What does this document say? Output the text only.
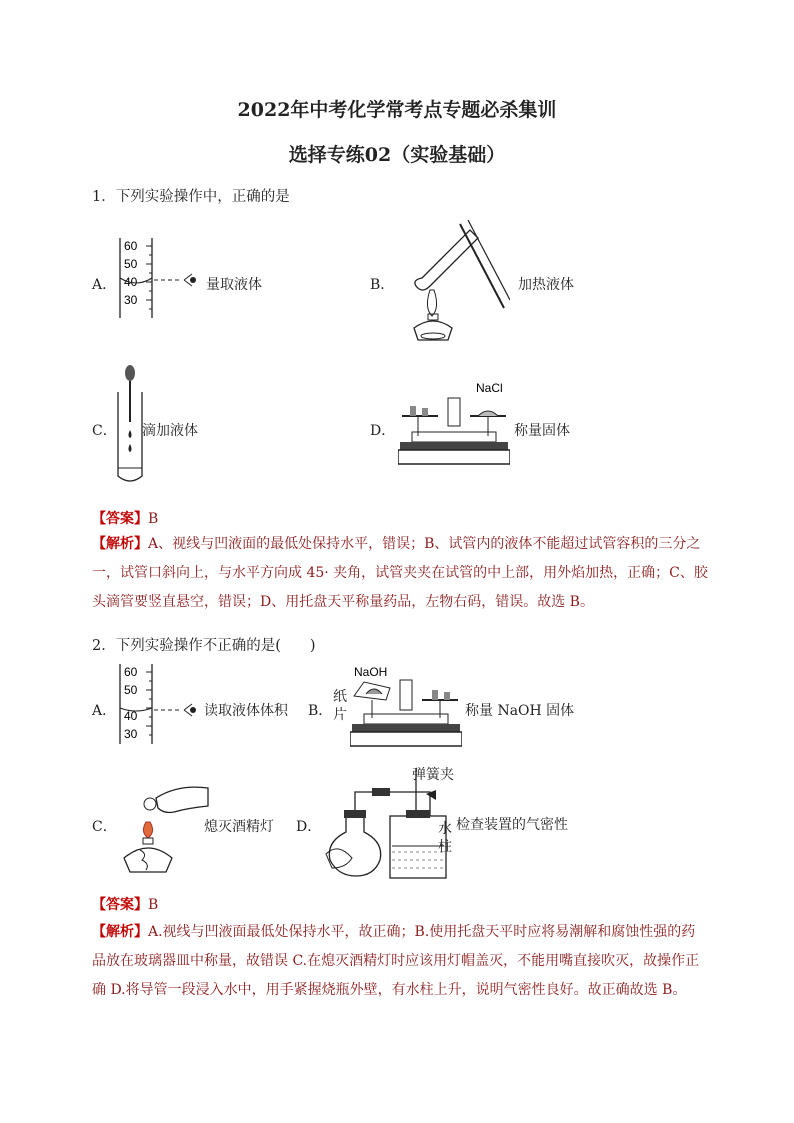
2022年中考化学常考点专题必杀集训
选择专练02（实验基础）
1．下列实验操作中，正确的是
A．
60
50
40
30
量取液体	B．	加热液体
C． 滴加液体	D．
NaCl
称量固体
【答案】B
【解析】A、视线与凹液面的最低处保持水平，错误；B、试管内的液体不能超过试管容积的三分之
一，试管口斜向上，与水平方向成 45· 夹角，试管夹夹在试管的中上部，用外焰加热，正确；C、胶
头滴管要竖直悬空，错误；D、用托盘天平称量药品，左物右码，错误。故选 B。
2．下列实验操作不正确的是(　　)
A．
60
50
40
30
读取液体体积 B．
纸
片
NaOH
称量 NaOH 固体
C．	熄灭酒精灯 D．
弹簧夹
水
柱
检查装置的气密性
【答案】B
【解析】A.视线与凹液面最低处保持水平，故正确；B.使用托盘天平时应将易潮解和腐蚀性强的药
品放在玻璃器皿中称量，故错误 C.在熄灭酒精灯时应该用灯帽盖灭，不能用嘴直接吹灭，故操作正
确 D.将导管一段浸入水中，用手紧握烧瓶外壁，有水柱上升，说明气密性良好。故正确故选 B。
